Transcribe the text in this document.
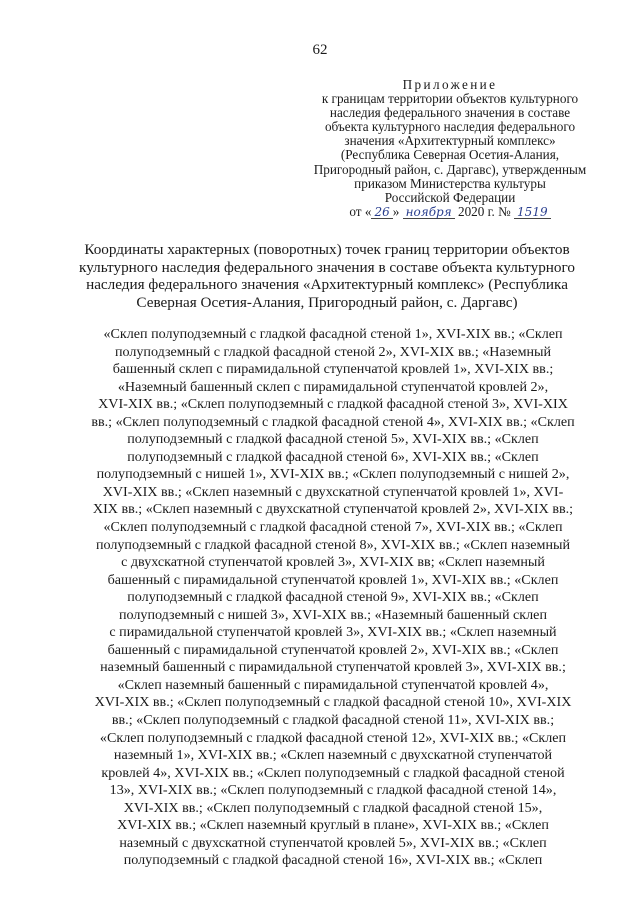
62
Приложение
к границам территории объектов культурного
наследия федерального значения в составе
объекта культурного наследия федерального
значения «Архитектурный комплекс»
(Республика Северная Осетия-Алания,
Пригородный район, с. Даргавс), утвержденным
приказом Министерства культуры
Российской Федерации
от « 26 » ноября 2020 г. № 1519
Координаты характерных (поворотных) точек границ территории объектов
культурного наследия федерального значения в составе объекта культурного
наследия федерального значения «Архитектурный комплекс» (Республика
Северная Осетия-Алания, Пригородный район, с. Даргавс)
«Склеп полуподземный с гладкой фасадной стеной 1», XVI-XIX вв.; «Склеп
полуподземный с гладкой фасадной стеной 2», XVI-XIX вв.; «Наземный
башенный склеп с пирамидальной ступенчатой кровлей 1», XVI-XIX вв.;
«Наземный башенный склеп с пирамидальной ступенчатой кровлей 2»,
XVI-XIX вв.; «Склеп полуподземный с гладкой фасадной стеной 3», XVI-XIX
вв.; «Склеп полуподземный с гладкой фасадной стеной 4», XVI-XIX вв.; «Склеп
полуподземный с гладкой фасадной стеной 5», XVI-XIX вв.; «Склеп
полуподземный с гладкой фасадной стеной 6», XVI-XIX вв.; «Склеп
полуподземный с нишей 1», XVI-XIX вв.; «Склеп полуподземный с нишей 2»,
XVI-XIX вв.; «Склеп наземный с двухскатной ступенчатой кровлей 1», XVI-
XIX вв.; «Склеп наземный с двухскатной ступенчатой кровлей 2», XVI-XIX вв.;
«Склеп полуподземный с гладкой фасадной стеной 7», XVI-XIX вв.; «Склеп
полуподземный с гладкой фасадной стеной 8», XVI-XIX вв.; «Склеп наземный
с двухскатной ступенчатой кровлей 3», XVI-XIX вв; «Склеп наземный
башенный с пирамидальной ступенчатой кровлей 1», XVI-XIX вв.; «Склеп
полуподземный с гладкой фасадной стеной 9», XVI-XIX вв.; «Склеп
полуподземный с нишей 3», XVI-XIX вв.; «Наземный башенный склеп
с пирамидальной ступенчатой кровлей 3», XVI-XIX вв.; «Склеп наземный
башенный с пирамидальной ступенчатой кровлей 2», XVI-XIX вв.; «Склеп
наземный башенный с пирамидальной ступенчатой кровлей 3», XVI-XIX вв.;
«Склеп наземный башенный с пирамидальной ступенчатой кровлей 4»,
XVI-XIX вв.; «Склеп полуподземный с гладкой фасадной стеной 10», XVI-XIX
вв.; «Склеп полуподземный с гладкой фасадной стеной 11», XVI-XIX вв.;
«Склеп полуподземный с гладкой фасадной стеной 12», XVI-XIX вв.; «Склеп
наземный 1», XVI-XIX вв.; «Склеп наземный с двухскатной ступенчатой
кровлей 4», XVI-XIX вв.; «Склеп полуподземный с гладкой фасадной стеной
13», XVI-XIX вв.; «Склеп полуподземный с гладкой фасадной стеной 14»,
XVI-XIX вв.; «Склеп полуподземный с гладкой фасадной стеной 15»,
XVI-XIX вв.; «Склеп наземный круглый в плане», XVI-XIX вв.; «Склеп
наземный с двухскатной ступенчатой кровлей 5», XVI-XIX вв.; «Склеп
полуподземный с гладкой фасадной стеной 16», XVI-XIX вв.; «Склеп
